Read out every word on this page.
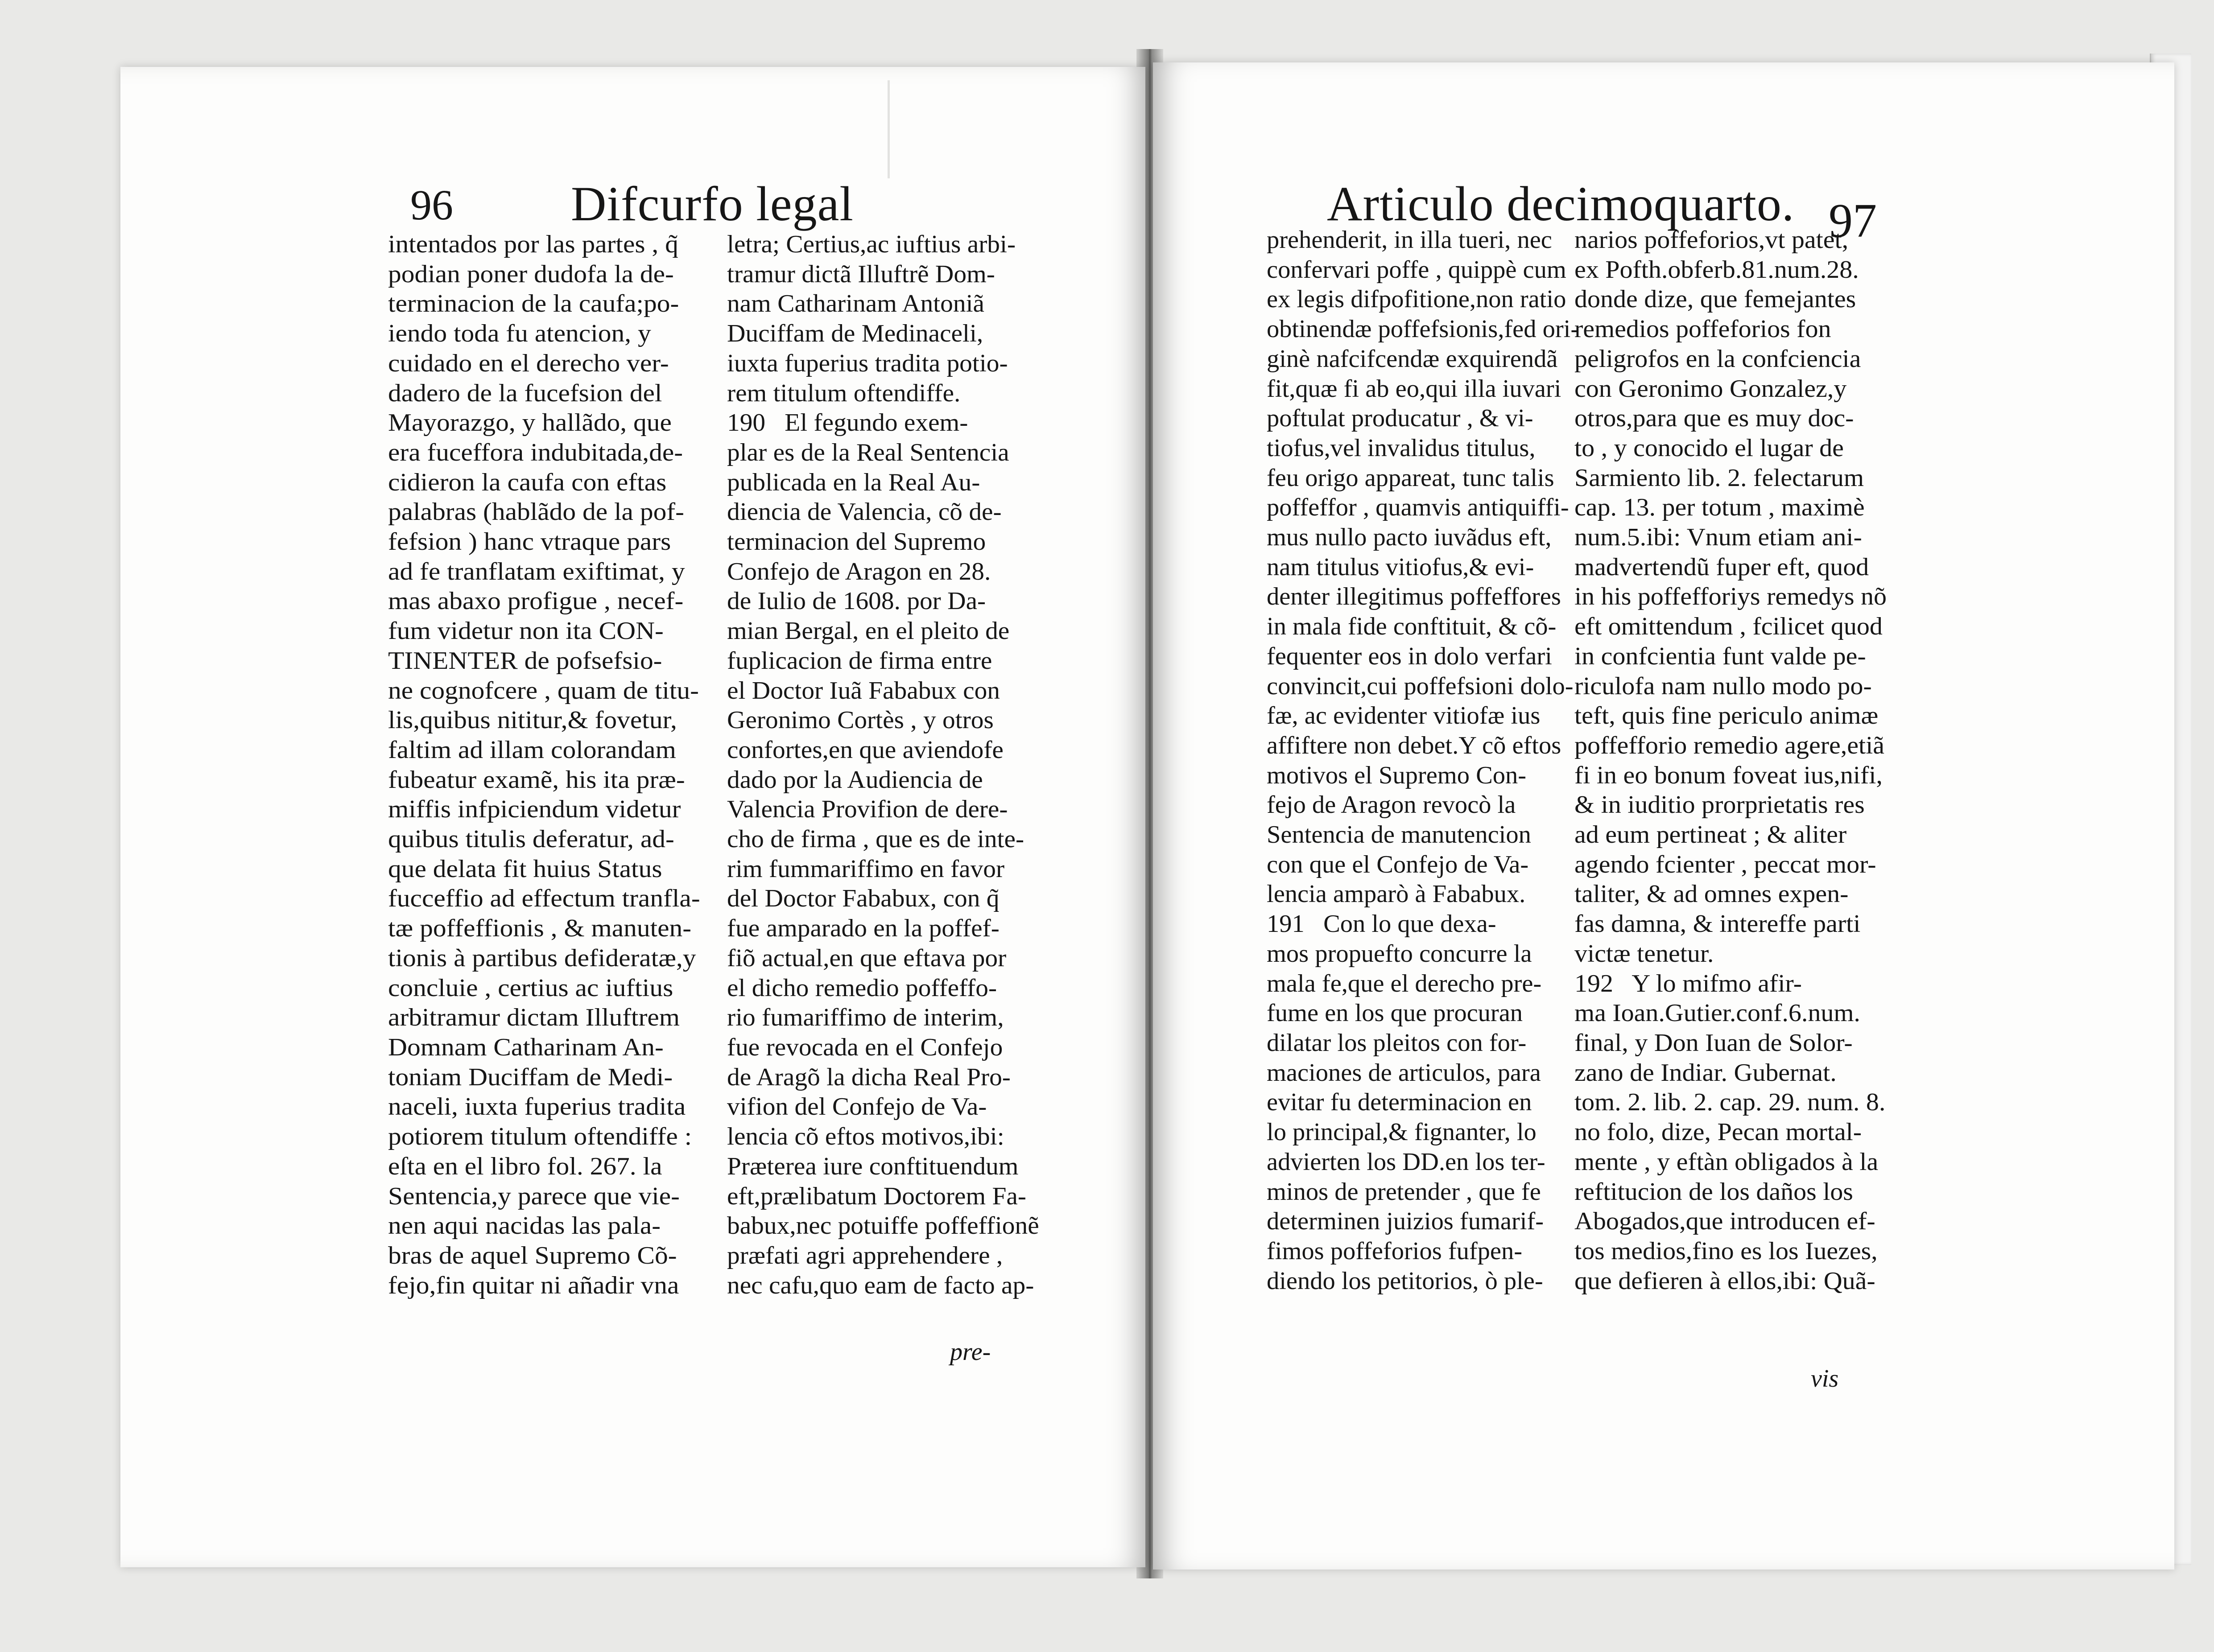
96 Difcurfo legal
intentados por las partes , q̃
podian poner dudofa la de-
terminacion de la caufa;po-
iendo toda fu atencion, y
cuidado en el derecho ver-
dadero de la fucefsion del
Mayorazgo, y hallãdo, que
era fuceffora indubitada,de-
cidieron la caufa con eftas
palabras (hablãdo de la pof-
fefsion ) hanc vtraque pars
ad fe tranflatam exiftimat, y
mas abaxo profigue , necef-
fum videtur non ita CON-
TINENTER de pofsefsio-
ne cognofcere , quam de titu-
lis,quibus nititur,& fovetur,
faltim ad illam colorandam
fubeatur examẽ, his ita præ-
miffis infpiciendum videtur
quibus titulis deferatur, ad-
que delata fit huius Status
fucceffio ad effectum tranfla-
tæ poffeffionis , & manuten-
tionis à partibus defideratæ,y
concluie , certius ac iuftius
arbitramur dictam Illuftrem
Domnam Catharinam An-
toniam Duciffam de Medi-
naceli, iuxta fuperius tradita
potiorem titulum oftendiffe :
eſta en el libro fol. 267. la
Sentencia,y parece que vie-
nen aqui nacidas las pala-
bras de aquel Supremo Cõ-
fejo,fin quitar ni añadir vna
letra; Certius,ac iuftius arbi-
tramur dictã Illuftrẽ Dom-
nam Catharinam Antoniã
Duciffam de Medinaceli,
iuxta fuperius tradita potio-
rem titulum oftendiffe.
190   El fegundo exem-
plar es de la Real Sentencia
publicada en la Real Au-
diencia de Valencia, cõ de-
terminacion del Supremo
Confejo de Aragon en 28.
de Iulio de 1608. por Da-
mian Bergal, en el pleito de
fuplicacion de firma entre
el Doctor Iuã Fababux con
Geronimo Cortès , y otros
confortes,en que aviendofe
dado por la Audiencia de
Valencia Provifion de dere-
cho de firma , que es de inte-
rim fummariffimo en favor
del Doctor Fababux, con q̃
fue amparado en la poffef-
fiõ actual,en que eftava por
el dicho remedio poffeffo-
rio fumariffimo de interim,
fue revocada en el Confejo
de Aragõ la dicha Real Pro-
vifion del Confejo de Va-
lencia cõ eftos motivos,ibi:
Præterea iure conftituendum
eft,prælibatum Doctorem Fa-
babux,nec potuiffe poffeffionẽ
præfati agri apprehendere ,
nec cafu,quo eam de facto ap-
pre-
Articulo decimoquarto. 97
prehenderit, in illa tueri, nec
confervari poffe , quippè cum
ex legis difpofitione,non ratio
obtinendæ poffefsionis,fed ori-
ginè nafcifcendæ exquirendã
fit,quæ fi ab eo,qui illa iuvari
poftulat producatur , & vi-
tiofus,vel invalidus titulus,
feu origo appareat, tunc talis
poffeffor , quamvis antiquiffi-
mus nullo pacto iuvãdus eft,
nam titulus vitiofus,& evi-
denter illegitimus poffeffores
in mala fide conftituit, & cõ-
fequenter eos in dolo verfari
convincit,cui poffefsioni dolo-
fæ, ac evidenter vitiofæ ius
affiftere non debet.Y cõ eftos
motivos el Supremo Con-
fejo de Aragon revocò la
Sentencia de manutencion
con que el Confejo de Va-
lencia amparò à Fababux.
191   Con lo que dexa-
mos propuefto concurre la
mala fe,que el derecho pre-
fume en los que procuran
dilatar los pleitos con for-
maciones de articulos, para
evitar fu determinacion en
lo principal,& fignanter, lo
advierten los DD.en los ter-
minos de pretender , que fe
determinen juizios fumarif-
fimos poffeforios fufpen-
diendo los petitorios, ò ple-
narios poffeforios,vt patet,
ex Pofth.obferb.81.num.28.
donde dize, que femejantes
remedios poffeforios fon
peligrofos en la confciencia
con Geronimo Gonzalez,y
otros,para que es muy doc-
to , y conocido el lugar de
Sarmiento lib. 2. felectarum
cap. 13. per totum , maximè
num.5.ibi: Vnum etiam ani-
madvertendũ fuper eft, quod
in his poffefforiys remedys nõ
eft omittendum , fcilicet quod
in confcientia funt valde pe-
riculofa nam nullo modo po-
teft, quis fine periculo animæ
poffefforio remedio agere,etiã
fi in eo bonum foveat ius,nifi,
& in iuditio prorprietatis res
ad eum pertineat ; & aliter
agendo fcienter , peccat mor-
taliter, & ad omnes expen-
fas damna, & intereffe parti
victæ tenetur.
192   Y lo mifmo afir-
ma Ioan.Gutier.conf.6.num.
final, y Don Iuan de Solor-
zano de Indiar. Gubernat.
tom. 2. lib. 2. cap. 29. num. 8.
no folo, dize, Pecan mortal-
mente , y eftàn obligados à la
reftitucion de los daños los
Abogados,que introducen ef-
tos medios,fino es los Iuezes,
que defieren à ellos,ibi: Quã-
vis
